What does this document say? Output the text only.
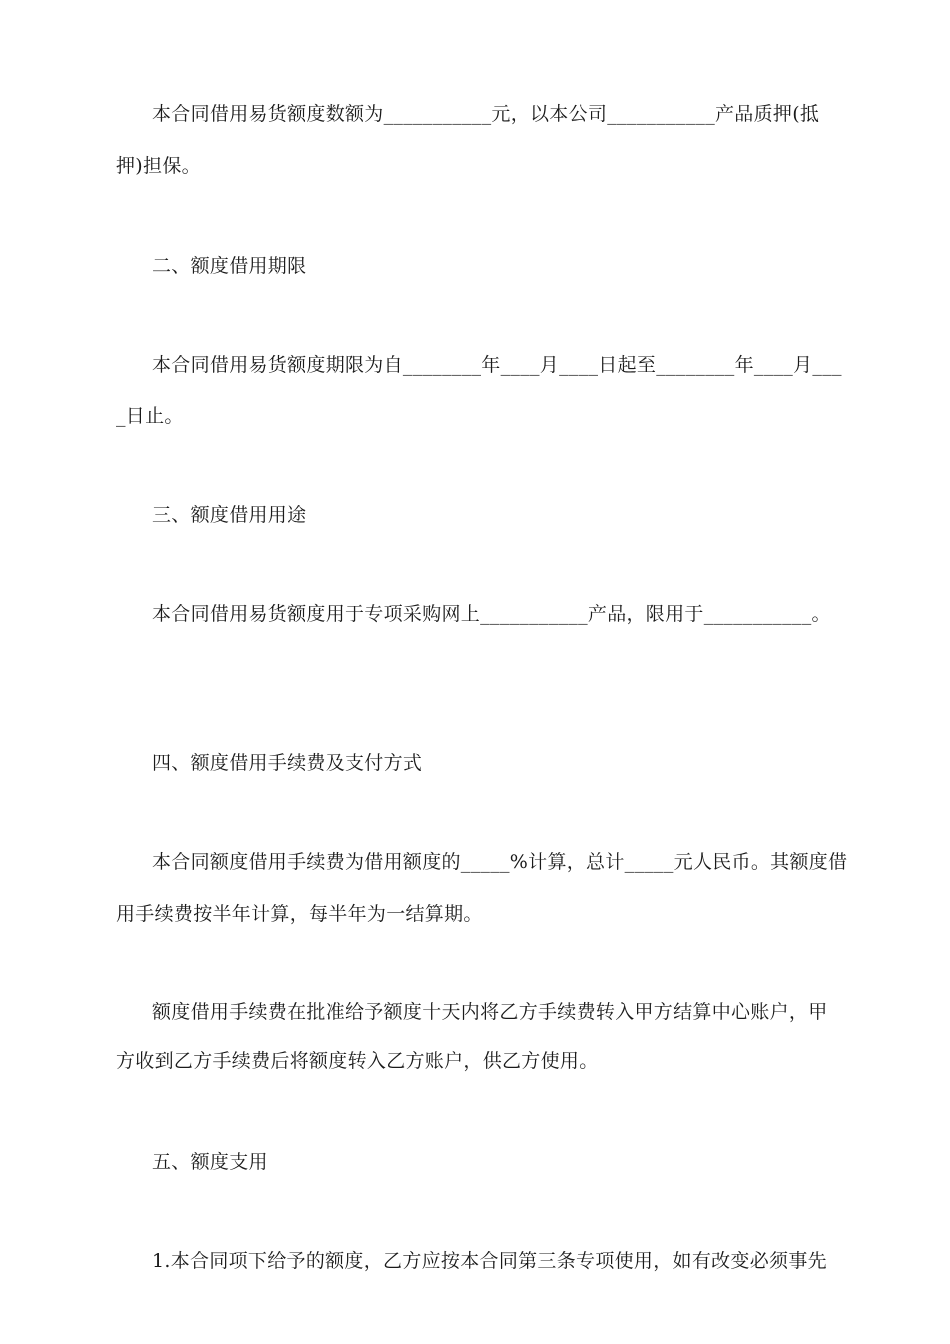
本合同借用易货额度数额为___________元，以本公司___________产品质押(抵
押)担保。
二、额度借用期限
本合同借用易货额度期限为自________年____月____日起至________年____月___
_日止。
三、额度借用用途
本合同借用易货额度用于专项采购网上___________产品，限用于___________。
四、额度借用手续费及支付方式
本合同额度借用手续费为借用额度的_____%计算，总计_____元人民币。其额度借
用手续费按半年计算，每半年为一结算期。
额度借用手续费在批准给予额度十天内将乙方手续费转入甲方结算中心账户，甲
方收到乙方手续费后将额度转入乙方账户，供乙方使用。
五、额度支用
1.本合同项下给予的额度，乙方应按本合同第三条专项使用，如有改变必须事先
